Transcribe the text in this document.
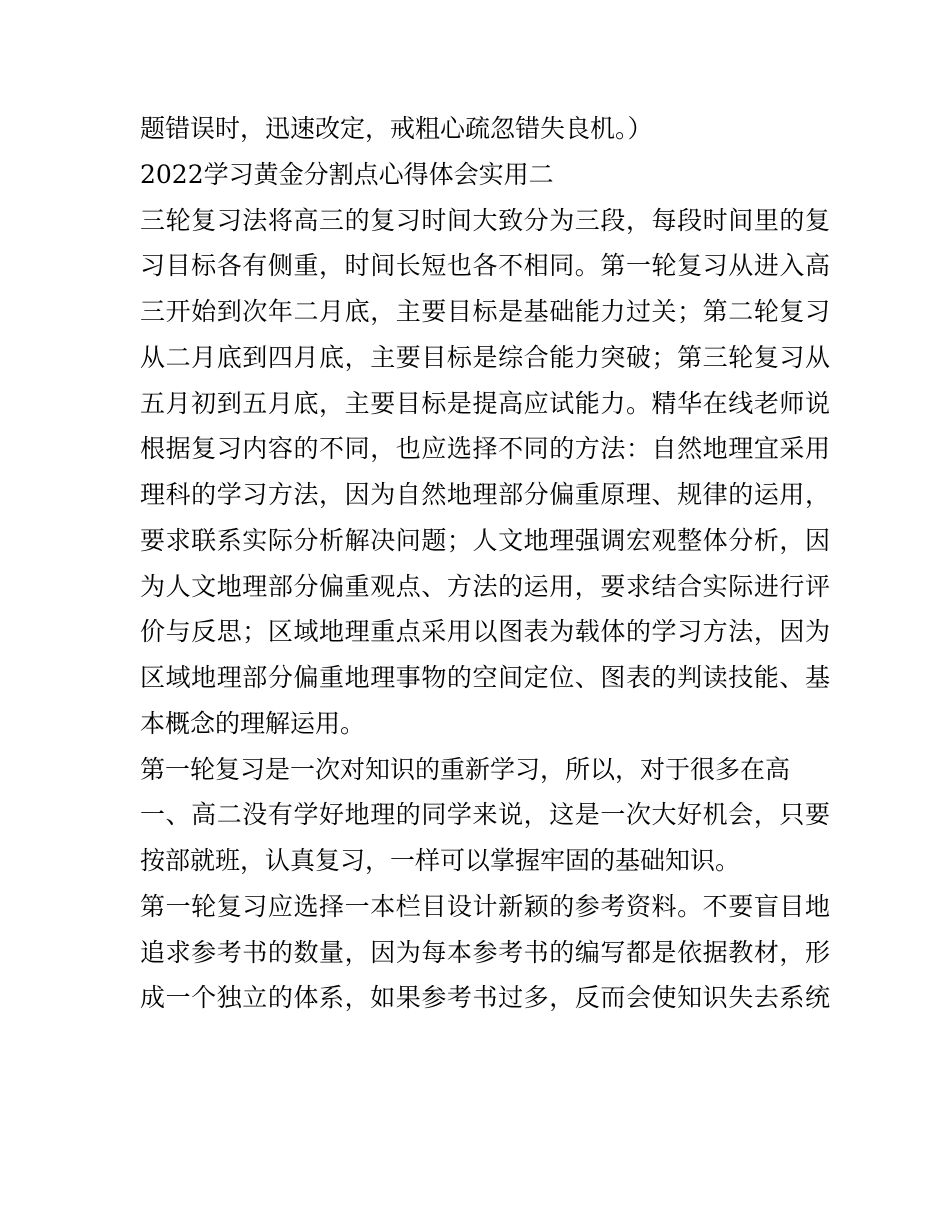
题错误时，迅速改定，戒粗心疏忽错失良机。）
2022学习黄金分割点心得体会实用二
三轮复习法将高三的复习时间大致分为三段，每段时间里的复
习目标各有侧重，时间长短也各不相同。第一轮复习从进入高
三开始到次年二月底，主要目标是基础能力过关；第二轮复习
从二月底到四月底，主要目标是综合能力突破；第三轮复习从
五月初到五月底，主要目标是提高应试能力。精华在线老师说
根据复习内容的不同，也应选择不同的方法：自然地理宜采用
理科的学习方法，因为自然地理部分偏重原理、规律的运用，
要求联系实际分析解决问题；人文地理强调宏观整体分析，因
为人文地理部分偏重观点、方法的运用，要求结合实际进行评
价与反思；区域地理重点采用以图表为载体的学习方法，因为
区域地理部分偏重地理事物的空间定位、图表的判读技能、基
本概念的理解运用。
第一轮复习是一次对知识的重新学习，所以，对于很多在高
一、高二没有学好地理的同学来说，这是一次大好机会，只要
按部就班，认真复习，一样可以掌握牢固的基础知识。
第一轮复习应选择一本栏目设计新颖的参考资料。不要盲目地
追求参考书的数量，因为每本参考书的编写都是依据教材，形
成一个独立的体系，如果参考书过多，反而会使知识失去系统
